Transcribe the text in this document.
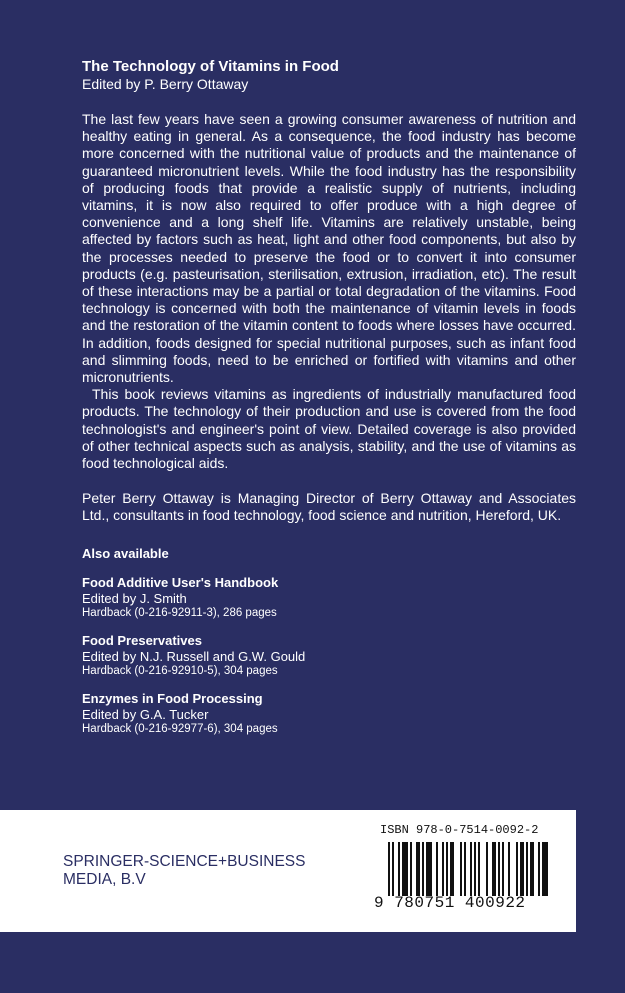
The Technology of Vitamins in Food

Edited by P. Berry Ottaway

The last few years have seen a growing consumer awareness of nutrition and healthy eating in general. As a consequence, the food industry has become more concerned with the nutritional value of products and the maintenance of guaranteed micronutrient levels. While the food industry has the responsibility of producing foods that provide a realistic supply of nutrients, including vitamins, it is now also required to offer produce with a high degree of convenience and a long shelf life. Vitamins are relatively unstable, being affected by factors such as heat, light and other food components, but also by the processes needed to preserve the food or to convert it into consumer products (e.g. pasteurisation, sterilisation, extrusion, irradiation, etc). The result of these interactions may be a partial or total degradation of the vitamins. Food technology is concerned with both the maintenance of vitamin levels in foods and the restoration of the vitamin content to foods where losses have occurred. In addition, foods designed for special nutritional purposes, such as infant food and slimming foods, need to be enriched or fortified with vitamins and other micronutrients.

This book reviews vitamins as ingredients of industrially manufactured food products. The technology of their production and use is covered from the food technologist's and engineer's point of view. Detailed coverage is also provided of other technical aspects such as analysis, stability, and the use of vitamins as food technological aids.

Peter Berry Ottaway is Managing Director of Berry Ottaway and Associates Ltd., consultants in food technology, food science and nutrition, Hereford, UK.

Also available
Food Additive User's Handbook
Edited by J. Smith
Hardback (0-216-92911-3), 286 pages
Food Preservatives
Edited by N.J. Russell and G.W. Gould
Hardback (0-216-92910-5), 304 pages
Enzymes in Food Processing
Edited by G.A. Tucker
Hardback (0-216-92977-6), 304 pages
SPRINGER-SCIENCE+BUSINESS
MEDIA, B.V
ISBN 978-0-7514-0092-2
9 780751 400922
